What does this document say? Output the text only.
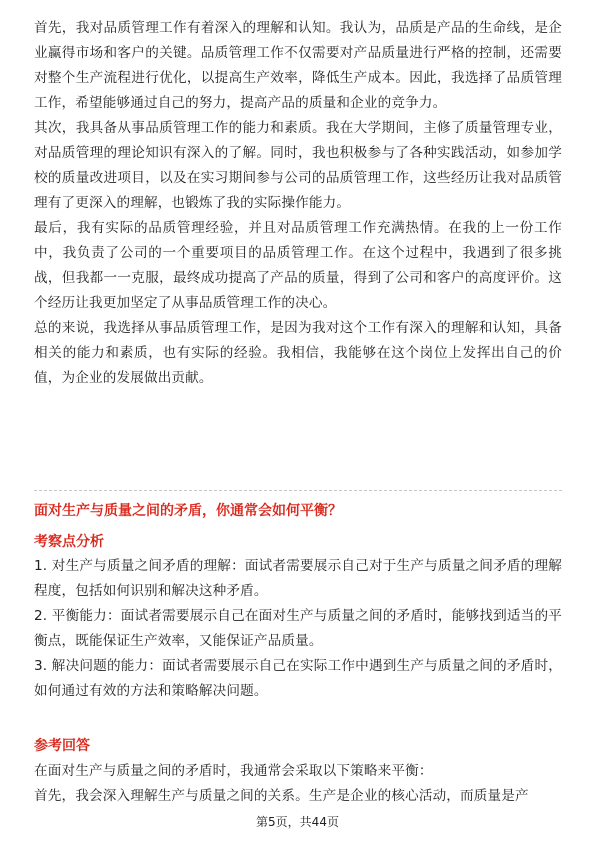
首先，我对品质管理工作有着深入的理解和认知。我认为，品质是产品的生命线，是企业赢得市场和客户的关键。品质管理工作不仅需要对产品质量进行严格的控制，还需要对整个生产流程进行优化，以提高生产效率，降低生产成本。因此，我选择了品质管理工作，希望能够通过自己的努力，提高产品的质量和企业的竞争力。

其次，我具备从事品质管理工作的能力和素质。我在大学期间，主修了质量管理专业，对品质管理的理论知识有深入的了解。同时，我也积极参与了各种实践活动，如参加学校的质量改进项目，以及在实习期间参与公司的品质管理工作，这些经历让我对品质管理有了更深入的理解，也锻炼了我的实际操作能力。

最后，我有实际的品质管理经验，并且对品质管理工作充满热情。在我的上一份工作中，我负责了公司的一个重要项目的品质管理工作。在这个过程中，我遇到了很多挑战，但我都一一克服，最终成功提高了产品的质量，得到了公司和客户的高度评价。这个经历让我更加坚定了从事品质管理工作的决心。

总的来说，我选择从事品质管理工作，是因为我对这个工作有深入的理解和认知，具备相关的能力和素质，也有实际的经验。我相信，我能够在这个岗位上发挥出自己的价值，为企业的发展做出贡献。

面对生产与质量之间的矛盾，你通常会如何平衡？

考察点分析

1. 对生产与质量之间矛盾的理解：面试者需要展示自己对于生产与质量之间矛盾的理解程度，包括如何识别和解决这种矛盾。

2. 平衡能力：面试者需要展示自己在面对生产与质量之间的矛盾时，能够找到适当的平衡点，既能保证生产效率，又能保证产品质量。

3. 解决问题的能力：面试者需要展示自己在实际工作中遇到生产与质量之间的矛盾时，如何通过有效的方法和策略解决问题。

参考回答

在面对生产与质量之间的矛盾时，我通常会采取以下策略来平衡：

首先，我会深入理解生产与质量之间的关系。生产是企业的核心活动，而质量是产

第5页，共44页
